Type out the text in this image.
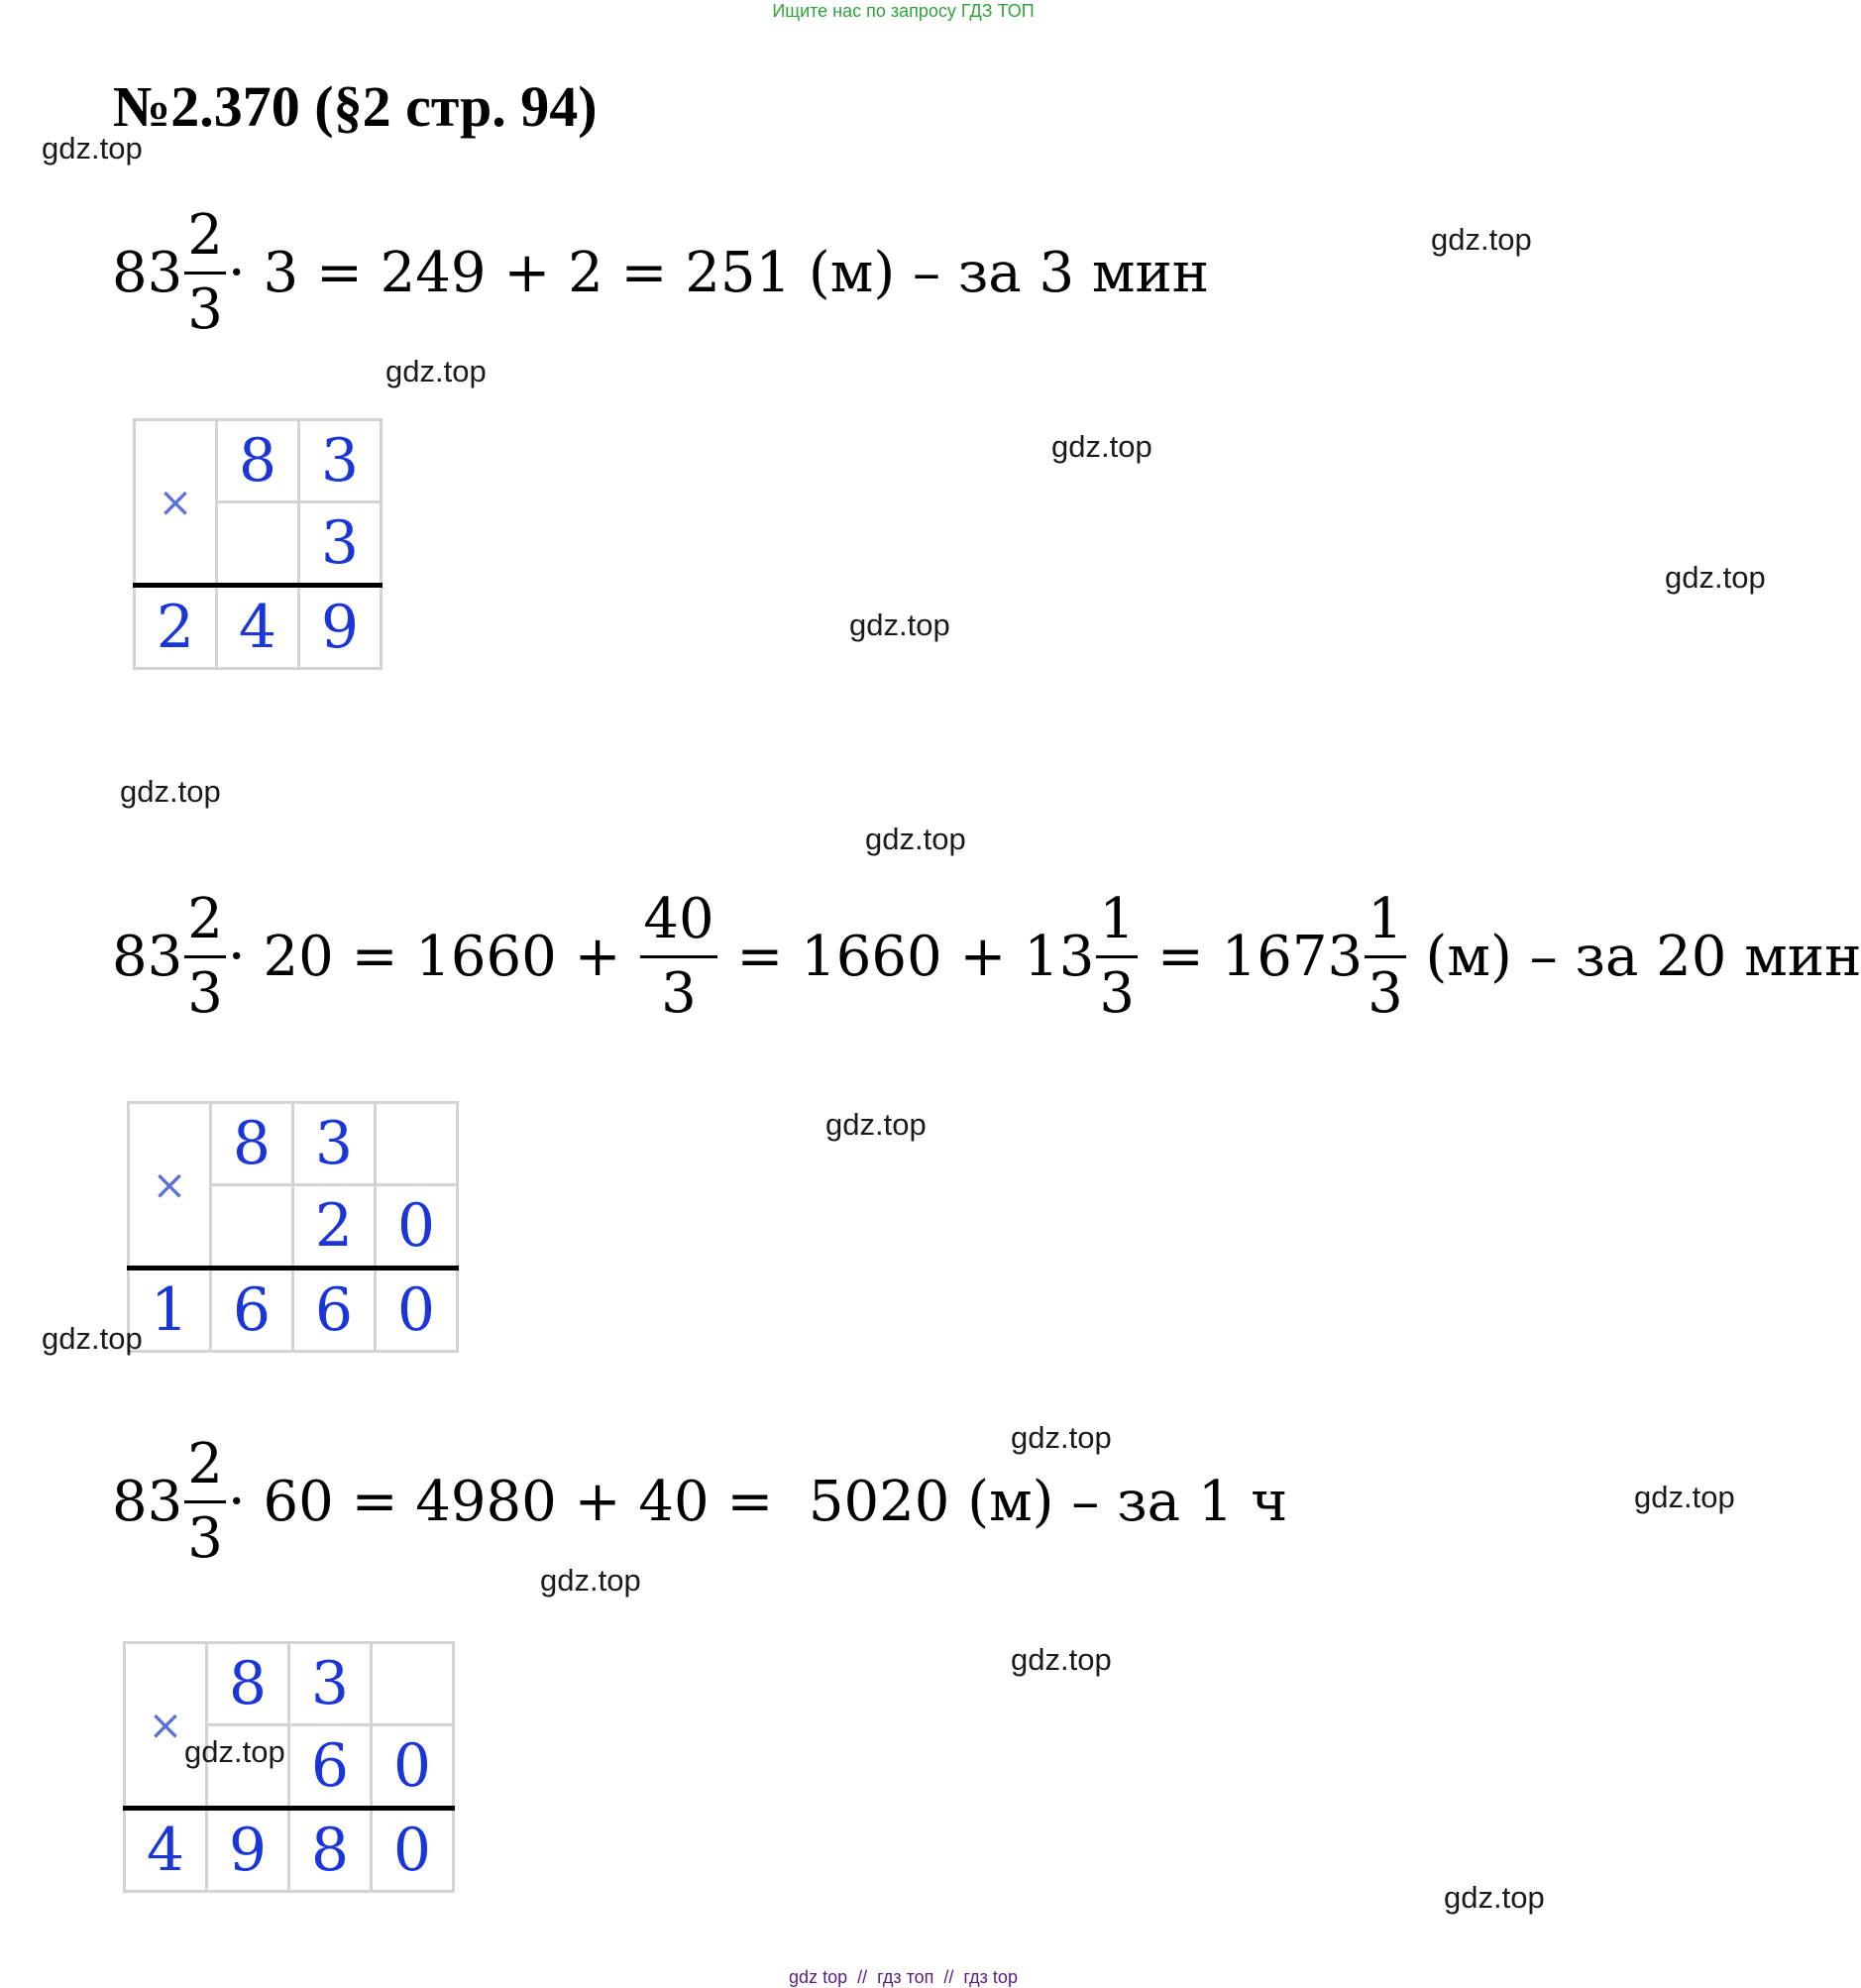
Ищите нас по запросу ГДЗ ТОП
№2.370 (§2 стр. 94)
$83 \frac{2}{3} \cdot 3 = 249 + 2 = 251$ (м) – за 3 мин
×	8	3
		3
2	4	9
$83 \frac{2}{3} \cdot 20 = 1660 + \frac{40}{3} = 1660 + 13 \frac{1}{3} = 1673 \frac{1}{3} (м)$ – за 20 мин
×	8	3	
		2	0
1	6	6	0
$83 \frac{2}{3} \cdot 60 = 4980 + 40 = 5020$ (м) – за 1 ч
×	8	3	
		6	0
4	9	8	0
gdz.top
gdz.top
gdz.top
gdz.top
gdz.top
gdz.top
gdz.top
gdz.top
gdz.top
gdz.top
gdz.top
gdz.top
gdz.top
gdz.top
gdz.top
gdz.top
gdz top  //  гдз топ  //  гдз top
